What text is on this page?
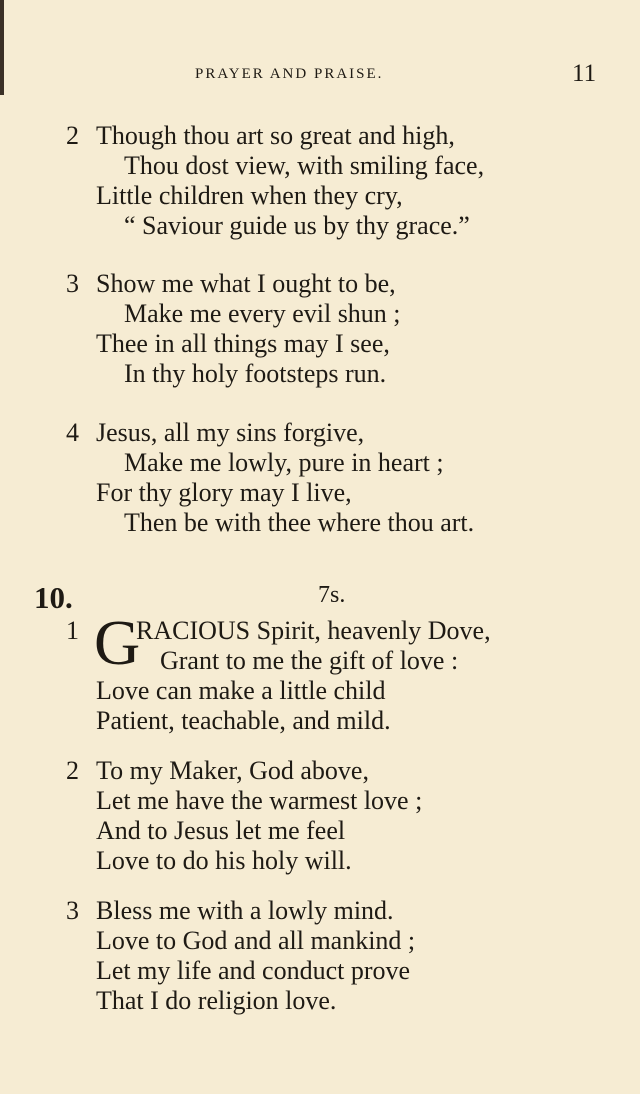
PRAYER AND PRAISE.	11
2 Though thou art so great and high,
Thou dost view, with smiling face,
Little children when they cry,
“ Saviour guide us by thy grace.”
3 Show me what I ought to be,
Make me every evil shun ;
Thee in all things may I see,
In thy holy footsteps run.
4 Jesus, all my sins forgive,
Make me lowly, pure in heart ;
For thy glory may I live,
Then be with thee where thou art.
10.	7s.
1 G
RACIOUS Spirit, heavenly Dove,
Grant to me the gift of love :
Love can make a little child
Patient, teachable, and mild.
2 To my Maker, God above,
Let me have the warmest love ;
And to Jesus let me feel
Love to do his holy will.
3 Bless me with a lowly mind.
Love to God and all mankind ;
Let my life and conduct prove
That I do religion love.
